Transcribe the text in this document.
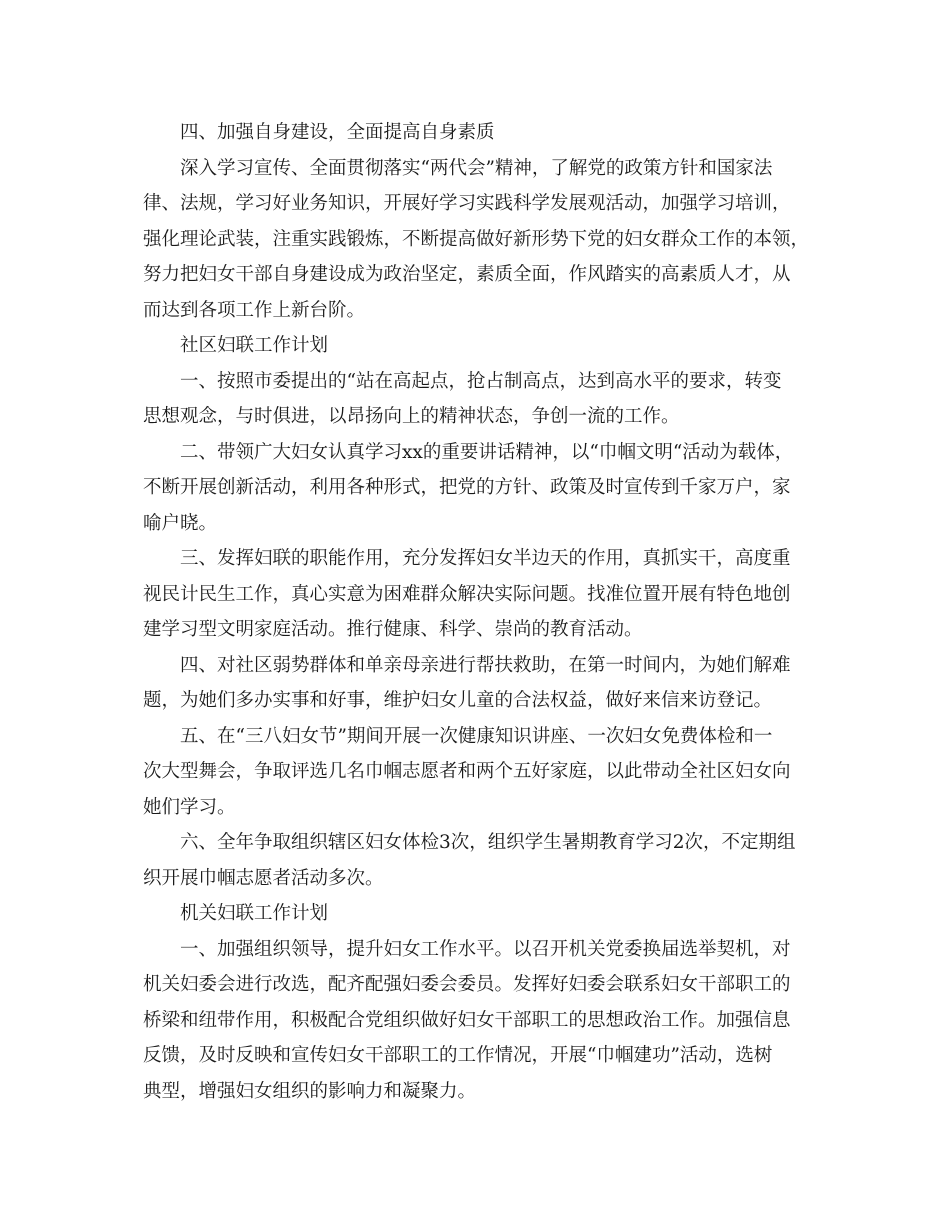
四、加强自身建设，全面提高自身素质
深入学习宣传、全面贯彻落实“两代会”精神，了解党的政策方针和国家法
律、法规，学习好业务知识，开展好学习实践科学发展观活动，加强学习培训，
强化理论武装，注重实践锻炼，不断提高做好新形势下党的妇女群众工作的本领，
努力把妇女干部自身建设成为政治坚定，素质全面，作风踏实的高素质人才，从
而达到各项工作上新台阶。
社区妇联工作计划
一、按照市委提出的“站在高起点，抢占制高点，达到高水平的要求，转变
思想观念，与时俱进，以昂扬向上的精神状态，争创一流的工作。
二、带领广大妇女认真学习xx的重要讲话精神，以“巾帼文明“活动为载体，
不断开展创新活动，利用各种形式，把党的方针、政策及时宣传到千家万户，家
喻户晓。
三、发挥妇联的职能作用，充分发挥妇女半边天的作用，真抓实干，高度重
视民计民生工作，真心实意为困难群众解决实际问题。找准位置开展有特色地创
建学习型文明家庭活动。推行健康、科学、崇尚的教育活动。
四、对社区弱势群体和单亲母亲进行帮扶救助，在第一时间内，为她们解难
题，为她们多办实事和好事，维护妇女儿童的合法权益，做好来信来访登记。
五、在“三八妇女节”期间开展一次健康知识讲座、一次妇女免费体检和一
次大型舞会，争取评选几名巾帼志愿者和两个五好家庭，以此带动全社区妇女向
她们学习。
六、全年争取组织辖区妇女体检3次，组织学生暑期教育学习2次，不定期组
织开展巾帼志愿者活动多次。
机关妇联工作计划
一、加强组织领导，提升妇女工作水平。以召开机关党委换届选举契机，对
机关妇委会进行改选，配齐配强妇委会委员。发挥好妇委会联系妇女干部职工的
桥梁和纽带作用，积极配合党组织做好妇女干部职工的思想政治工作。加强信息
反馈，及时反映和宣传妇女干部职工的工作情况，开展“巾帼建功”活动，选树
典型，增强妇女组织的影响力和凝聚力。
